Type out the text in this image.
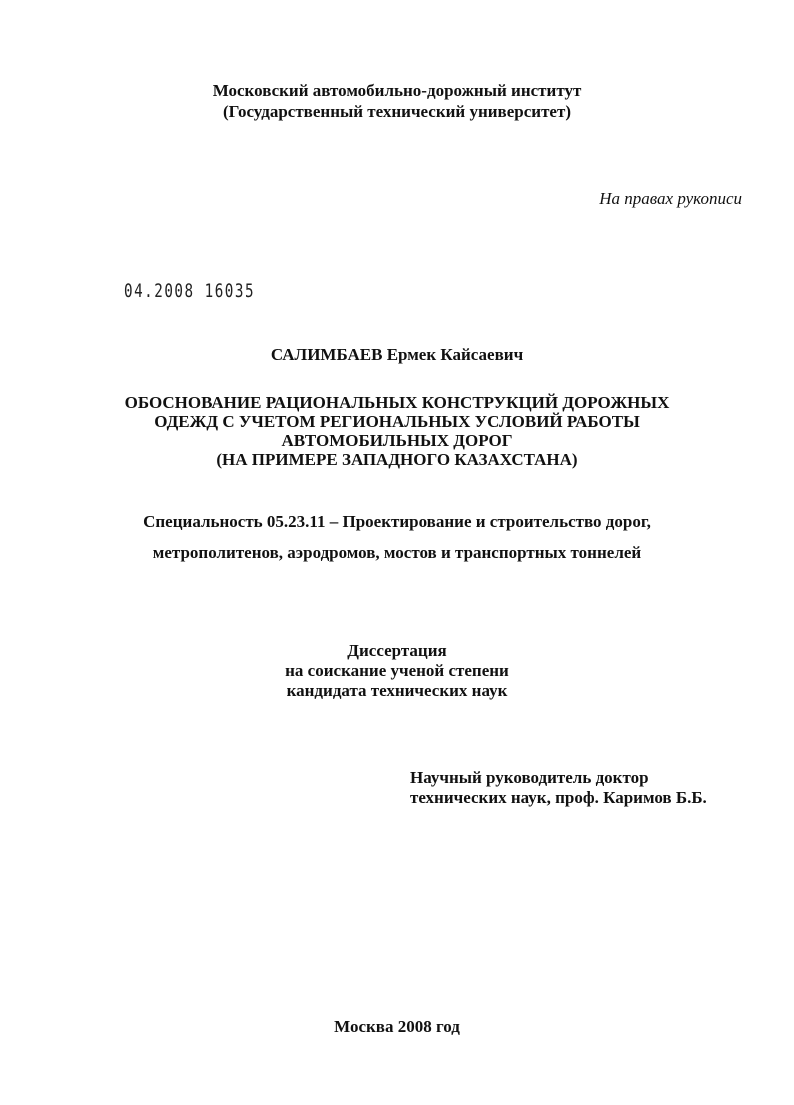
Московский автомобильно-дорожный институт
(Государственный технический университет)
На правах рукописи
04.2008 16035
САЛИМБАЕВ Ермек Кайсаевич
ОБОСНОВАНИЕ РАЦИОНАЛЬНЫХ КОНСТРУКЦИЙ ДОРОЖНЫХ
ОДЕЖД С УЧЕТОМ РЕГИОНАЛЬНЫХ УСЛОВИЙ РАБОТЫ
АВТОМОБИЛЬНЫХ ДОРОГ
(НА ПРИМЕРЕ ЗАПАДНОГО КАЗАХСТАНА)
Специальность 05.23.11 – Проектирование и строительство дорог,
метрополитенов, аэродромов, мостов и транспортных тоннелей
Диссертация
на соискание ученой степени
кандидата технических наук
Научный руководитель доктор
технических наук, проф. Каримов Б.Б.
Москва 2008 год
